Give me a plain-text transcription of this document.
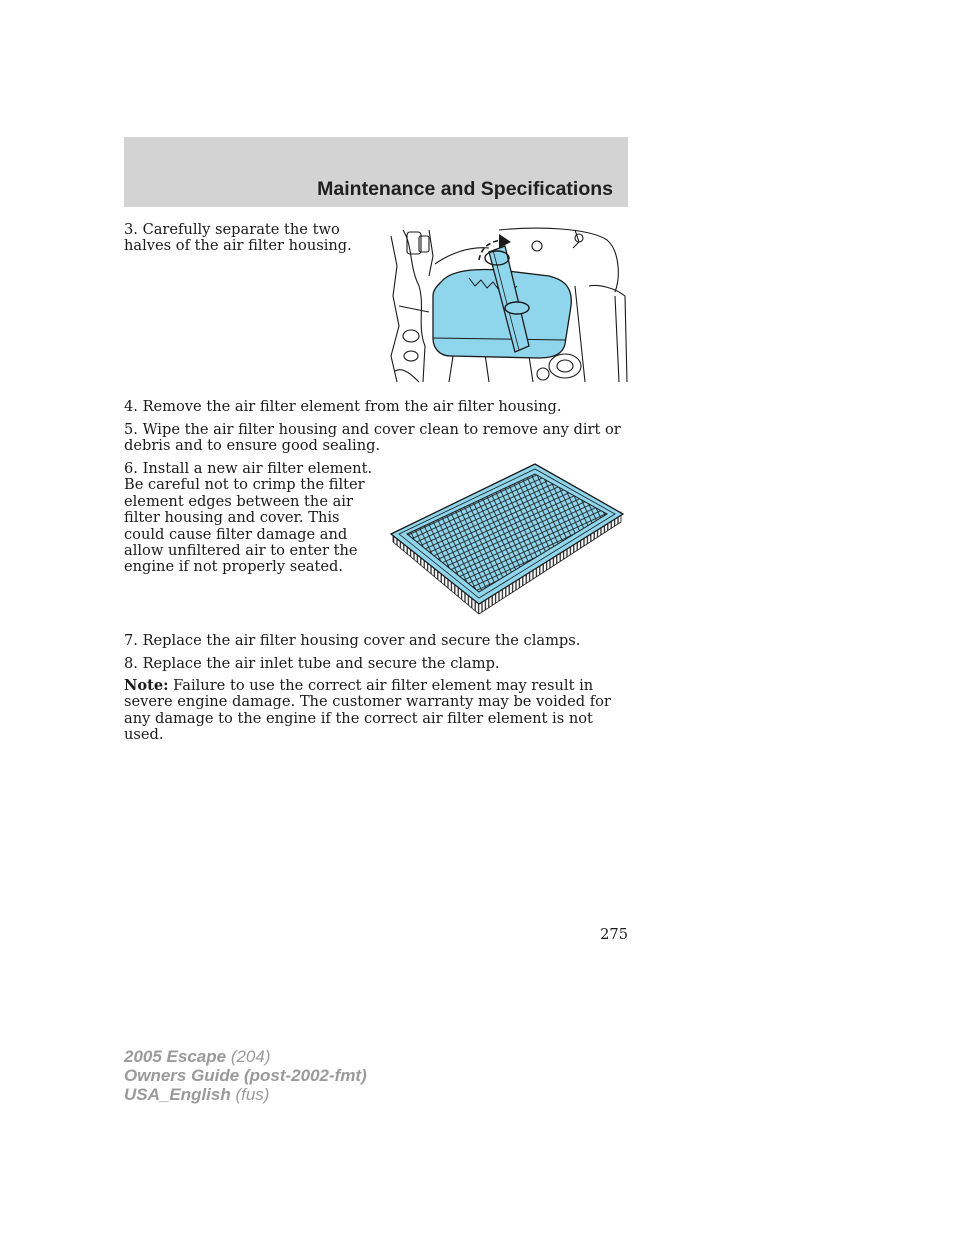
Maintenance and Specifications

3. Carefully separate the two halves of the air filter housing.

4. Remove the air filter element from the air filter housing.

5. Wipe the air filter housing and cover clean to remove any dirt or debris and to ensure good sealing.

6. Install a new air filter element. Be careful not to crimp the filter element edges between the air filter housing and cover. This could cause filter damage and allow unfiltered air to enter the engine if not properly seated.

7. Replace the air filter housing cover and secure the clamps.

8. Replace the air inlet tube and secure the clamp.

Note: Failure to use the correct air filter element may result in severe engine damage. The customer warranty may be voided for any damage to the engine if the correct air filter element is not used.

275
2005 Escape (204)
Owners Guide (post-2002-fmt)
USA_English (fus)
